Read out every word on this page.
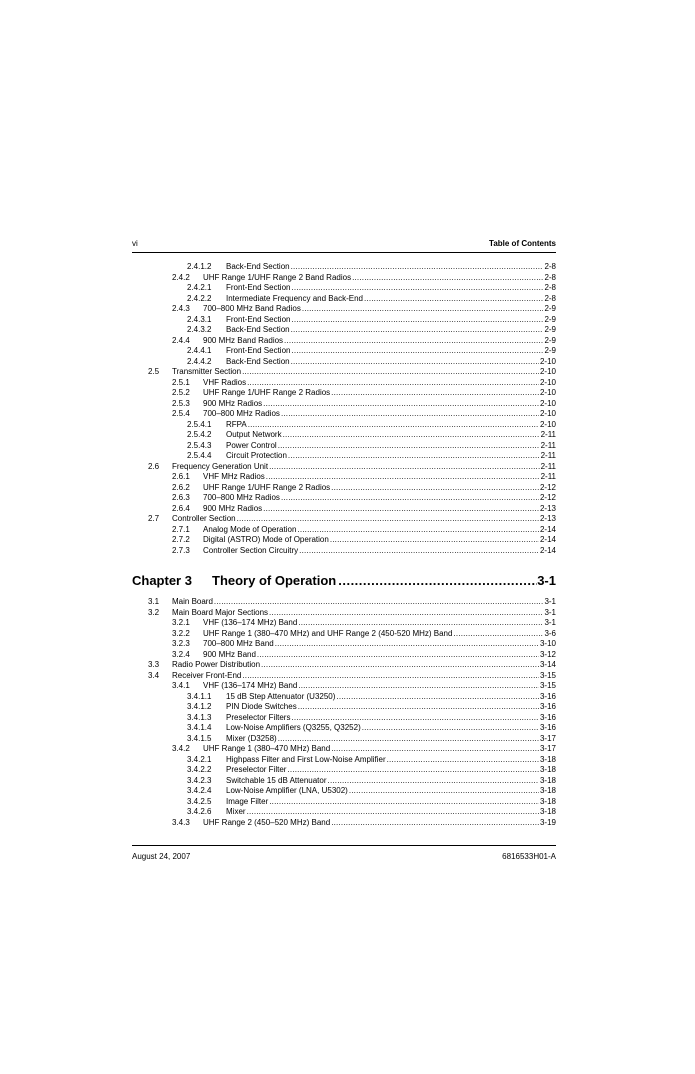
vi	Table of Contents
2.4.1.2 Back-End Section .....	2-8
2.4.2 UHF Range 1/UHF Range 2 Band Radios .....	2-8
2.4.2.1 Front-End Section .....	2-8
2.4.2.2 Intermediate Frequency and Back-End .....	2-8
2.4.3 700–800 MHz Band Radios .....	2-9
2.4.3.1 Front-End Section .....	2-9
2.4.3.2 Back-End Section .....	2-9
2.4.4 900 MHz Band Radios .....	2-9
2.4.4.1 Front-End Section .....	2-9
2.4.4.2 Back-End Section .....	2-10
2.5 Transmitter Section .....	2-10
2.5.1 VHF Radios .....	2-10
2.5.2 UHF Range 1/UHF Range 2 Radios .....	2-10
2.5.3 900 MHz Radios .....	2-10
2.5.4 700–800 MHz Radios .....	2-10
2.5.4.1 RFPA .....	2-10
2.5.4.2 Output Network .....	2-11
2.5.4.3 Power Control .....	2-11
2.5.4.4 Circuit Protection .....	2-11
2.6 Frequency Generation Unit .....	2-11
2.6.1 VHF MHz Radios .....	2-11
2.6.2 UHF Range 1/UHF Range 2 Radios .....	2-12
2.6.3 700–800 MHz Radios .....	2-12
2.6.4 900 MHz Radios .....	2-13
2.7 Controller Section .....	2-13
2.7.1 Analog Mode of Operation .....	2-14
2.7.2 Digital (ASTRO) Mode of Operation .....	2-14
2.7.3 Controller Section Circuitry .....	2-14
Chapter 3	Theory of Operation .....	3-1
3.1 Main Board .....	3-1
3.2 Main Board Major Sections .....	3-1
3.2.1 VHF (136–174 MHz) Band .....	3-1
3.2.2 UHF Range 1 (380–470 MHz) and UHF Range 2 (450-520 MHz) Band .....	3-6
3.2.3 700–800 MHz Band .....	3-10
3.2.4 900 MHz Band .....	3-12
3.3 Radio Power Distribution .....	3-14
3.4 Receiver Front-End .....	3-15
3.4.1 VHF (136–174 MHz) Band .....	3-15
3.4.1.1 15 dB Step Attenuator (U3250) .....	3-16
3.4.1.2 PIN Diode Switches .....	3-16
3.4.1.3 Preselector Filters .....	3-16
3.4.1.4 Low-Noise Amplifiers (Q3255, Q3252) .....	3-16
3.4.1.5 Mixer (D3258) .....	3-17
3.4.2 UHF Range 1 (380–470 MHz) Band .....	3-17
3.4.2.1 Highpass Filter and First Low-Noise Amplifier .....	3-18
3.4.2.2 Preselector Filter .....	3-18
3.4.2.3 Switchable 15 dB Attenuator .....	3-18
3.4.2.4 Low-Noise Amplifier (LNA, U5302) .....	3-18
3.4.2.5 Image Filter .....	3-18
3.4.2.6 Mixer .....	3-18
3.4.3 UHF Range 2 (450–520 MHz) Band .....	3-19
August 24, 2007	6816533H01-A
